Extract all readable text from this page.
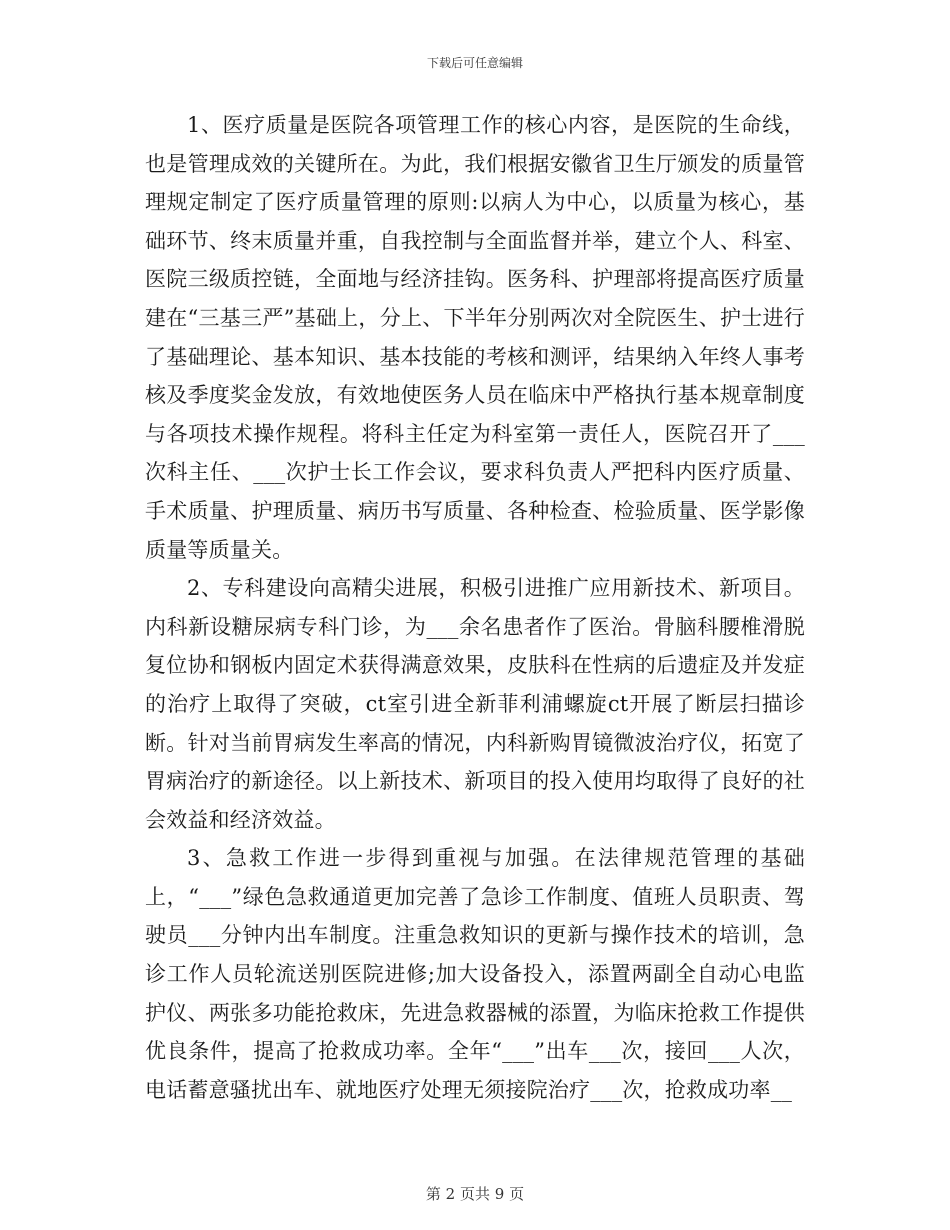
下载后可任意编辑

1、医疗质量是医院各项管理工作的核心内容，是医院的生命线，也是管理成效的关键所在。为此，我们根据安徽省卫生厅颁发的质量管理规定制定了医疗质量管理的原则:以病人为中心，以质量为核心，基础环节、终末质量并重，自我控制与全面监督并举，建立个人、科室、医院三级质控链，全面地与经济挂钩。医务科、护理部将提高医疗质量建在“三基三严”基础上，分上、下半年分别两次对全院医生、护士进行了基础理论、基本知识、基本技能的考核和测评，结果纳入年终人事考核及季度奖金发放，有效地使医务人员在临床中严格执行基本规章制度与各项技术操作规程。将科主任定为科室第一责任人，医院召开了___次科主任、___次护士长工作会议，要求科负责人严把科内医疗质量、手术质量、护理质量、病历书写质量、各种检查、检验质量、医学影像质量等质量关。

2、专科建设向高精尖进展，积极引进推广应用新技术、新项目。内科新设糖尿病专科门诊，为___余名患者作了医治。骨脑科腰椎滑脱复位协和钢板内固定术获得满意效果，皮肤科在性病的后遗症及并发症的治疗上取得了突破，ct室引进全新菲利浦螺旋ct开展了断层扫描诊断。针对当前胃病发生率高的情况，内科新购胃镜微波治疗仪，拓宽了胃病治疗的新途径。以上新技术、新项目的投入使用均取得了良好的社会效益和经济效益。

3、急救工作进一步得到重视与加强。在法律规范管理的基础上，“___”绿色急救通道更加完善了急诊工作制度、值班人员职责、驾驶员___分钟内出车制度。注重急救知识的更新与操作技术的培训，急诊工作人员轮流送别医院进修;加大设备投入，添置两副全自动心电监护仪、两张多功能抢救床，先进急救器械的添置，为临床抢救工作提供优良条件，提高了抢救成功率。全年“___”出车___次，接回___人次，电话蓄意骚扰出车、就地医疗处理无须接院治疗___次，抢救成功率__

第 2 页共 9 页
